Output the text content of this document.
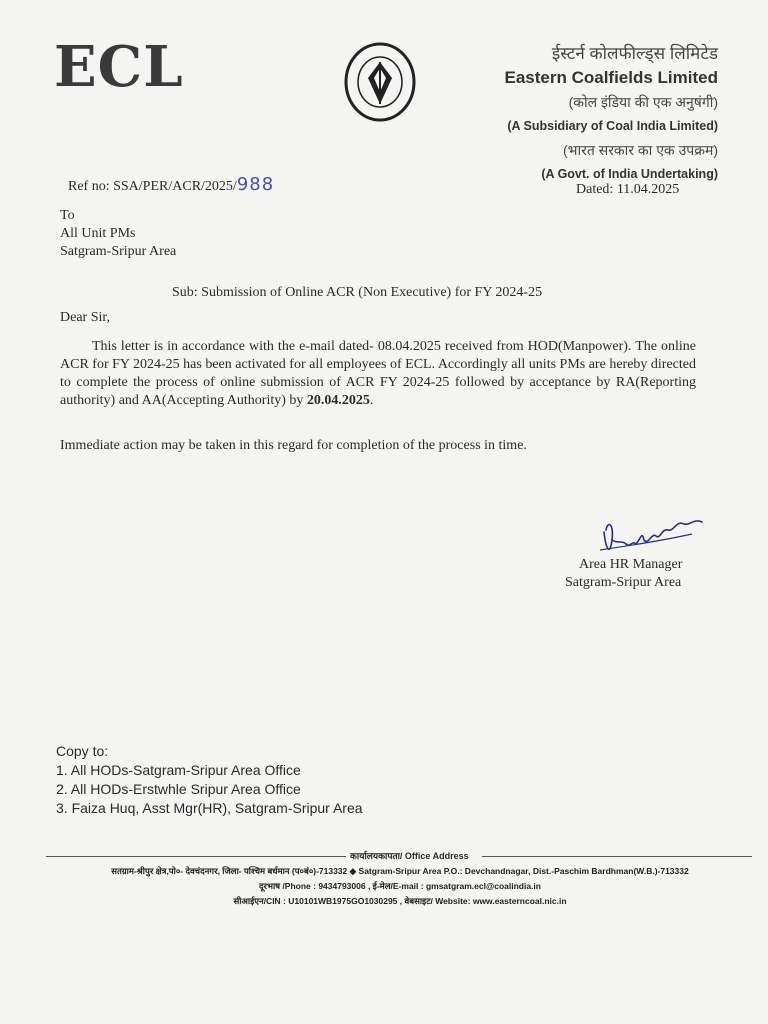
ECL	ईस्टर्न कोलफील्ड्स लिमिटेड
Eastern Coalfields Limited
(कोल इंडिया की एक अनुषंगी)
(A Subsidiary of Coal India Limited)
(भारत सरकार का एक उपक्रम)
(A Govt. of India Undertaking)
Ref no: SSA/PER/ACR/2025/988	Dated: 11.04.2025
To
All Unit PMs
Satgram-Sripur Area
Sub: Submission of Online ACR (Non Executive) for FY 2024-25
Dear Sir,
This letter is in accordance with the e-mail dated- 08.04.2025 received from HOD(Manpower). The online ACR for FY 2024-25 has been activated for all employees of ECL. Accordingly all units PMs are hereby directed to complete the process of online submission of ACR FY 2024-25 followed by acceptance by RA(Reporting authority) and AA(Accepting Authority) by 20.04.2025.
Immediate action may be taken in this regard for completion of the process in time.
Area HR Manager
Satgram-Sripur Area
Copy to:
1. All HODs-Satgram-Sripur Area Office
2. All HODs-Erstwhle Sripur Area Office
3. Faiza Huq, Asst Mgr(HR), Satgram-Sripur Area
कार्यालयकापता/ Office Address
सतग्राम-श्रीपुर क्षेत्र,पो०- देवचंदनगर, जिला- पश्चिम बर्धमान (प०बं०)-713332 ◆ Satgram-Sripur Area P.O.: Devchandnagar, Dist.-Paschim Bardhman(W.B.)-713332
दूरभाष /Phone : 9434793006 , ई-मेल/E-mail : gmsatgram.ecl@coalindia.in
सीआईएन/CIN : U10101WB1975GO1030295 , वेबसाइट/ Website: www.easterncoal.nic.in
